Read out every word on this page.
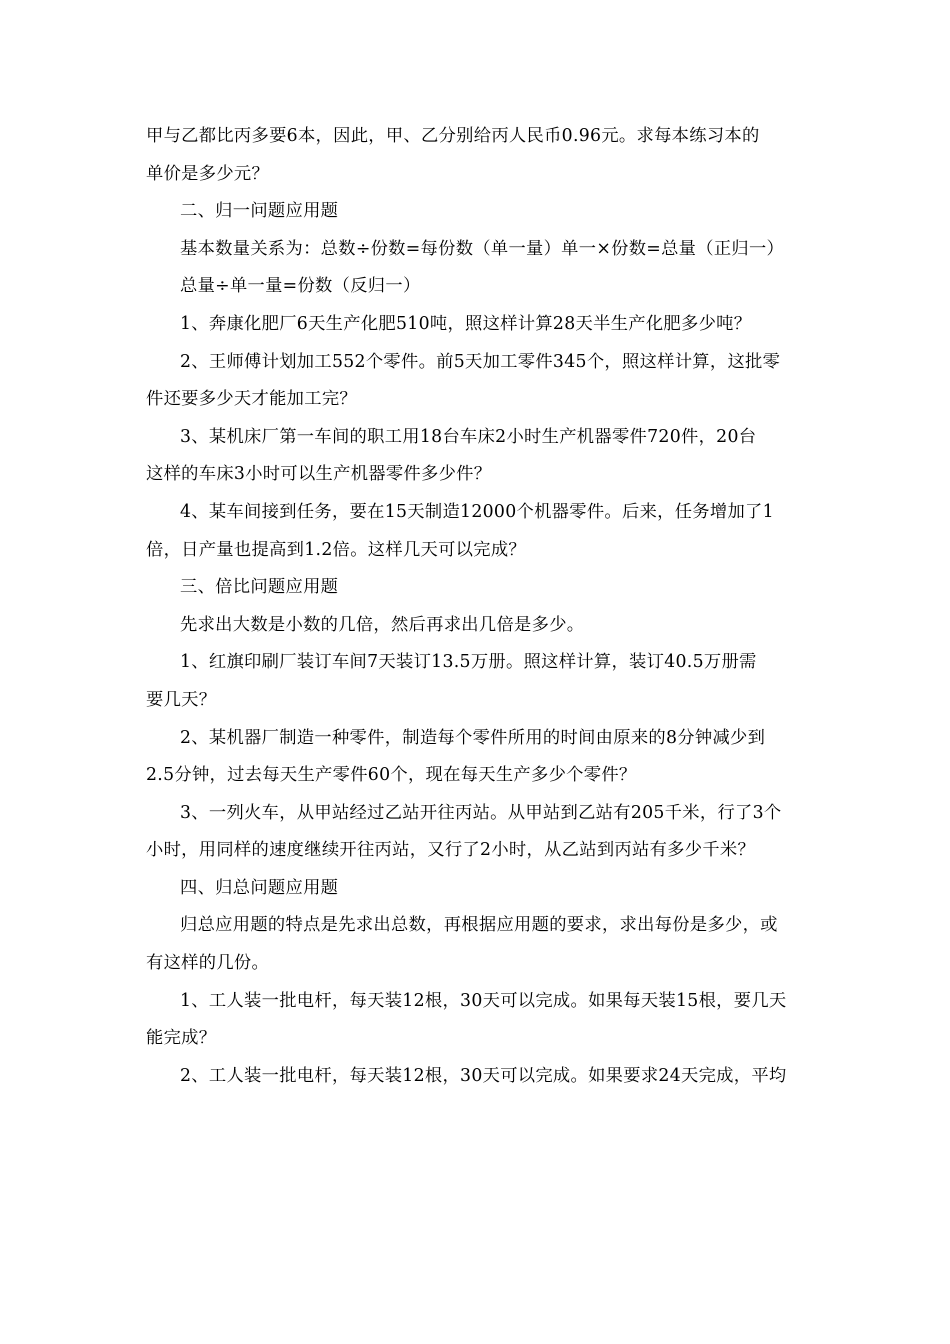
甲与乙都比丙多要6本，因此，甲、乙分别给丙人民币0.96元。求每本练习本的
单价是多少元？
二、归一问题应用题
基本数量关系为：总数÷份数=每份数（单一量）单一×份数=总量（正归一）
总量÷单一量=份数（反归一）
1、奔康化肥厂6天生产化肥510吨，照这样计算28天半生产化肥多少吨？
2、王师傅计划加工552个零件。前5天加工零件345个，照这样计算，这批零
件还要多少天才能加工完？
3、某机床厂第一车间的职工用18台车床2小时生产机器零件720件，20台
这样的车床3小时可以生产机器零件多少件？
4、某车间接到任务，要在15天制造12000个机器零件。后来，任务增加了1
倍，日产量也提高到1.2倍。这样几天可以完成？
三、倍比问题应用题
先求出大数是小数的几倍，然后再求出几倍是多少。
1、红旗印刷厂装订车间7天装订13.5万册。照这样计算，装订40.5万册需
要几天？
2、某机器厂制造一种零件，制造每个零件所用的时间由原来的8分钟减少到
2.5分钟，过去每天生产零件60个，现在每天生产多少个零件？
3、一列火车，从甲站经过乙站开往丙站。从甲站到乙站有205千米，行了3个
小时，用同样的速度继续开往丙站，又行了2小时，从乙站到丙站有多少千米？
四、归总问题应用题
归总应用题的特点是先求出总数，再根据应用题的要求，求出每份是多少，或
有这样的几份。
1、工人装一批电杆，每天装12根，30天可以完成。如果每天装15根，要几天
能完成？
2、工人装一批电杆，每天装12根，30天可以完成。如果要求24天完成，平均
